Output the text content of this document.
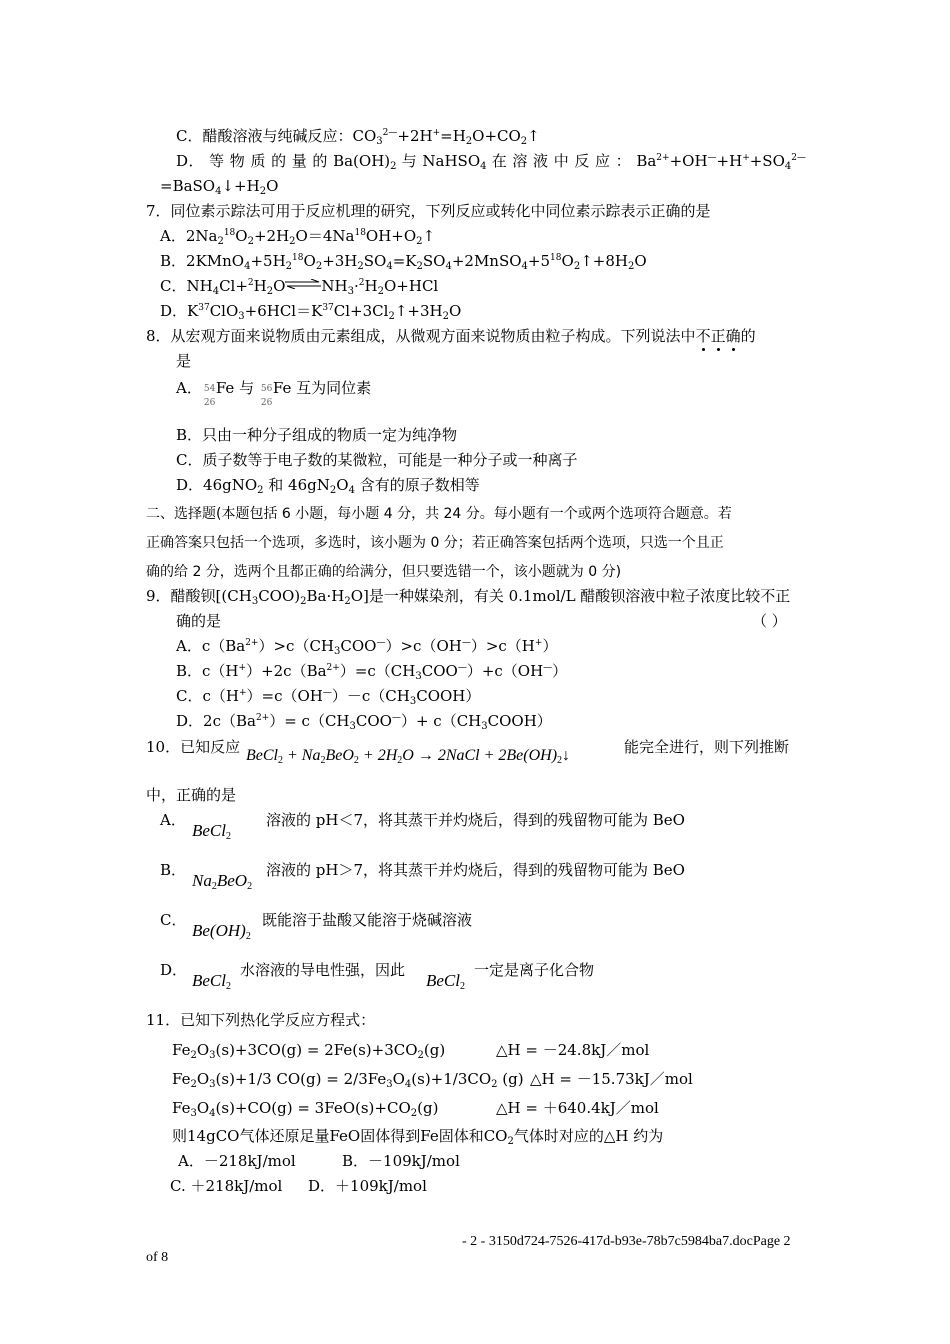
C．醋酸溶液与纯碱反应：$CO_3^{2—}+2H^+=H_2O+CO_2↑$
D． 等 物 质 的 量 的 $Ba(OH)_2$ 与 NaHSO$_4$ 在 溶 液 中 反 应 ： $Ba^{2+}+OH^—+H^++SO_4^{2—}$
$=BaSO_4↓+H_2O$
7．同位素示踪法可用于反应机理的研究，下列反应或转化中同位素示踪表示正确的是
A．$2Na_2^{18}O_2+2H_2O=4Na^{18}OH+O_2↑$
B．$2KMnO_4+5H_2^{18}O_2+3H_2SO_4=K_2SO_4+2MnSO_4+5^{18}O_2↑+8H_2O$
C．$NH_4Cl+^2H_2O\rightleftharpoons NH_3\cdot^2H_2O+HCl$
D．$K^{37}ClO_3+6HCl=K^{37}Cl+3Cl_2↑+3H_2O$
8．从宏观方面来说物质由元素组成，从微观方面来说物质由粒子构成。下列说法中不正确的
是
A． 54
26
Fe 与 56
26
Fe 互为同位素
B．只由一种分子组成的物质一定为纯净物
C．质子数等于电子数的某微粒，可能是一种分子或一种离子
D．46gNO$_2$ 和 $46gN_2O_4$ 含有的原子数相等
二、选择题(本题包括 6 小题，每小题 4 分，共 24 分。每小题有一个或两个选项符合题意。若
正确答案只包括一个选项，多选时，该小题为 0 分；若正确答案包括两个选项，只选一个且正
确的给 2 分，选两个且都正确的给满分，但只要选错一个，该小题就为 0 分)
9．醋酸钡$[(CH_3COO)_2Ba\cdot H_2O]$是一种媒染剂，有关 0.1mol/L 醋酸钡溶液中粒子浓度比较不正
确的是	（ ）
A．$c(Ba^{2+})>c(CH_3COO^—)>c(OH^—)>c(H^+)$
B．$c(H^+)+2c(Ba^{2+})=c(CH_3COO^—)+c(OH^—)$
C．$c(H^+)=c(OH^—)-c(CH_3COOH)$
D．$2c(Ba^{2+})= c(CH_3COO^—)+$ $c(CH_3COOH)$
10．已知反应 BeCl$_2$ + $Na_2BeO_2 + 2H_2O$ → 2NaCl + $2Be(OH)_2↓$	能完全进行，则下列推断
中，正确的是
A．
BeCl$_2$
溶液的 pH＜7，将其蒸干并灼烧后，得到的残留物可能为 BeO
B．
$Na_2BeO_2$
溶液的 pH＞7，将其蒸干并灼烧后，得到的残留物可能为 BeO
C．
$Be(OH)_2$
既能溶于盐酸又能溶于烧碱溶液
D．
BeCl$_2$
水溶液的导电性强，因此
BeCl$_2$
一定是离子化合物
11．已知下列热化学反应方程式：
$Fe_2O_3(s)+3CO(g) = 2Fe(s)+3CO_2(g)$	△H = －24.8kJ／mol
$Fe_2O_3(s)+1/3$ $CO(g) = 2/3Fe_3O_4(s)+1/3CO_2$ (g) △H = －15.73kJ／mol
$Fe_3O_4(s)+CO(g) = 3FeO(s)+CO_2(g)$	△H = ＋640.4kJ／mol
则14gCO气体还原足量FeO固体得到Fe固体和$CO_2$气体时对应的△H 约为
A．－218kJ/mol	B．－109kJ/mol
C. ＋218kJ/mol D．＋109kJ/mol
- 2 - 3150d724-7526-417d-b93e-78b7c5984ba7.docPage 2
of 8
